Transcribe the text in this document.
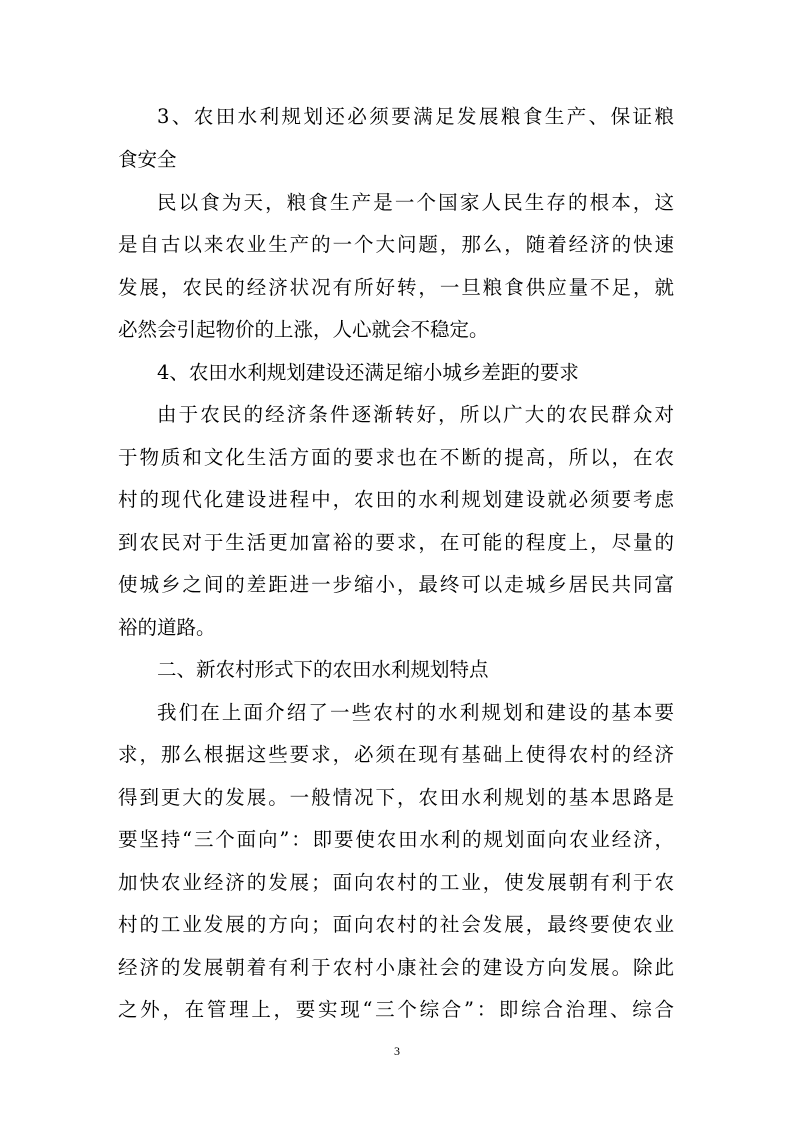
3、农田水利规划还必须要满足发展粮食生产、保证粮
食安全
民以食为天，粮食生产是一个国家人民生存的根本，这
是自古以来农业生产的一个大问题，那么，随着经济的快速
发展，农民的经济状况有所好转，一旦粮食供应量不足，就
必然会引起物价的上涨，人心就会不稳定。
4、农田水利规划建设还满足缩小城乡差距的要求
由于农民的经济条件逐渐转好，所以广大的农民群众对
于物质和文化生活方面的要求也在不断的提高，所以，在农
村的现代化建设进程中，农田的水利规划建设就必须要考虑
到农民对于生活更加富裕的要求，在可能的程度上，尽量的
使城乡之间的差距进一步缩小，最终可以走城乡居民共同富
裕的道路。
二、新农村形式下的农田水利规划特点
我们在上面介绍了一些农村的水利规划和建设的基本要
求，那么根据这些要求，必须在现有基础上使得农村的经济
得到更大的发展。一般情况下，农田水利规划的基本思路是
要坚持“三个面向”：即要使农田水利的规划面向农业经济，
加快农业经济的发展；面向农村的工业，使发展朝有利于农
村的工业发展的方向；面向农村的社会发展，最终要使农业
经济的发展朝着有利于农村小康社会的建设方向发展。除此
之外，在管理上，要实现“三个综合”：即综合治理、综合
3
